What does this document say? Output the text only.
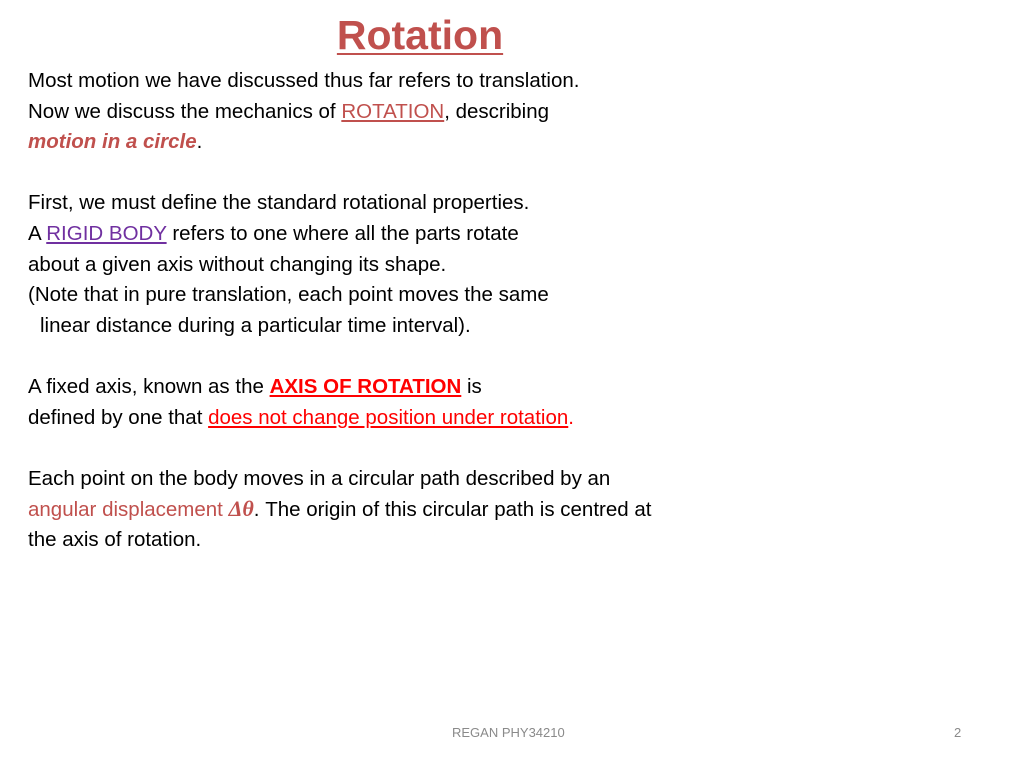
Rotation
Most motion we have discussed thus far refers to translation.
Now we discuss the mechanics of ROTATION, describing
motion in a circle.
First, we must define the standard rotational properties.
A RIGID BODY refers to one where all the parts rotate
about a given axis without changing its shape.
(Note that in pure translation, each point moves the same
linear distance during a particular time interval).
A fixed axis, known as the AXIS OF ROTATION is
defined by one that does not change position under rotation.
Each point on the body moves in a circular path described by an
angular displacement Δθ. The origin of this circular path is centred at
the axis of rotation.
REGAN PHY34210	2
